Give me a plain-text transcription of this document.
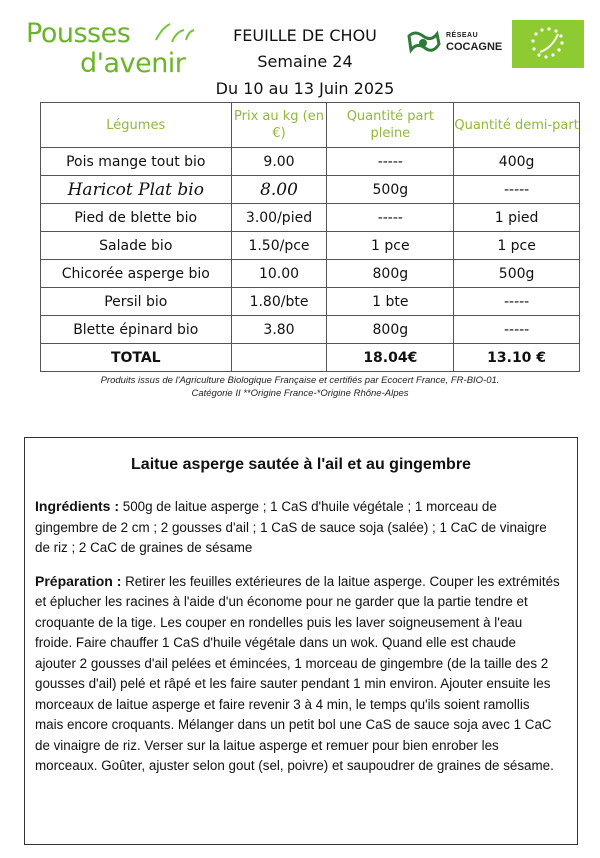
Pousses
d'avenir
FEUILLE DE CHOU
Semaine 24
Du 10 au 13 Juin 2025
RÉSEAU
COCAGNE
Légumes	Prix au kg (en €)	Quantité part pleine	Quantité demi-part
Pois mange tout bio	9.00	-----	400g
Haricot Plat bio	8.00	500g	-----
Pied de blette bio	3.00/pied	-----	1 pied
Salade bio	1.50/pce	1 pce	1 pce
Chicorée asperge bio	10.00	800g	500g
Persil bio	1.80/bte	1 bte	-----
Blette épinard bio	3.80	800g	-----
TOTAL		18.04€	13.10 €
Produits issus de l'Agriculture Biologique Française et certifiés par Ecocert France, FR-BIO-01.
Catégorie II **Origine France-*Origine Rhône-Alpes
Laitue asperge sautée à l'ail et au gingembre

Ingrédients : 500g de laitue asperge ; 1 CaS d'huile végétale ; 1 morceau de gingembre de 2 cm ; 2 gousses d'ail ; 1 CaS de sauce soja (salée) ; 1 CaC de vinaigre de riz ; 2 CaC de graines de sésame

Préparation : Retirer les feuilles extérieures de la laitue asperge. Couper les extrémités et éplucher les racines à l'aide d'un économe pour ne garder que la partie tendre et croquante de la tige. Les couper en rondelles puis les laver soigneusement à l'eau froide. Faire chauffer 1 CaS d'huile végétale dans un wok. Quand elle est chaude ajouter 2 gousses d'ail pelées et émincées, 1 morceau de gingembre (de la taille des 2 gousses d'ail) pelé et râpé et les faire sauter pendant 1 min environ. Ajouter ensuite les morceaux de laitue asperge et faire revenir 3 à 4 min, le temps qu'ils soient ramollis mais encore croquants. Mélanger dans un petit bol une CaS de sauce soja avec 1 CaC de vinaigre de riz. Verser sur la laitue asperge et remuer pour bien enrober les morceaux. Goûter, ajuster selon gout (sel, poivre) et saupoudrer de graines de sésame.
